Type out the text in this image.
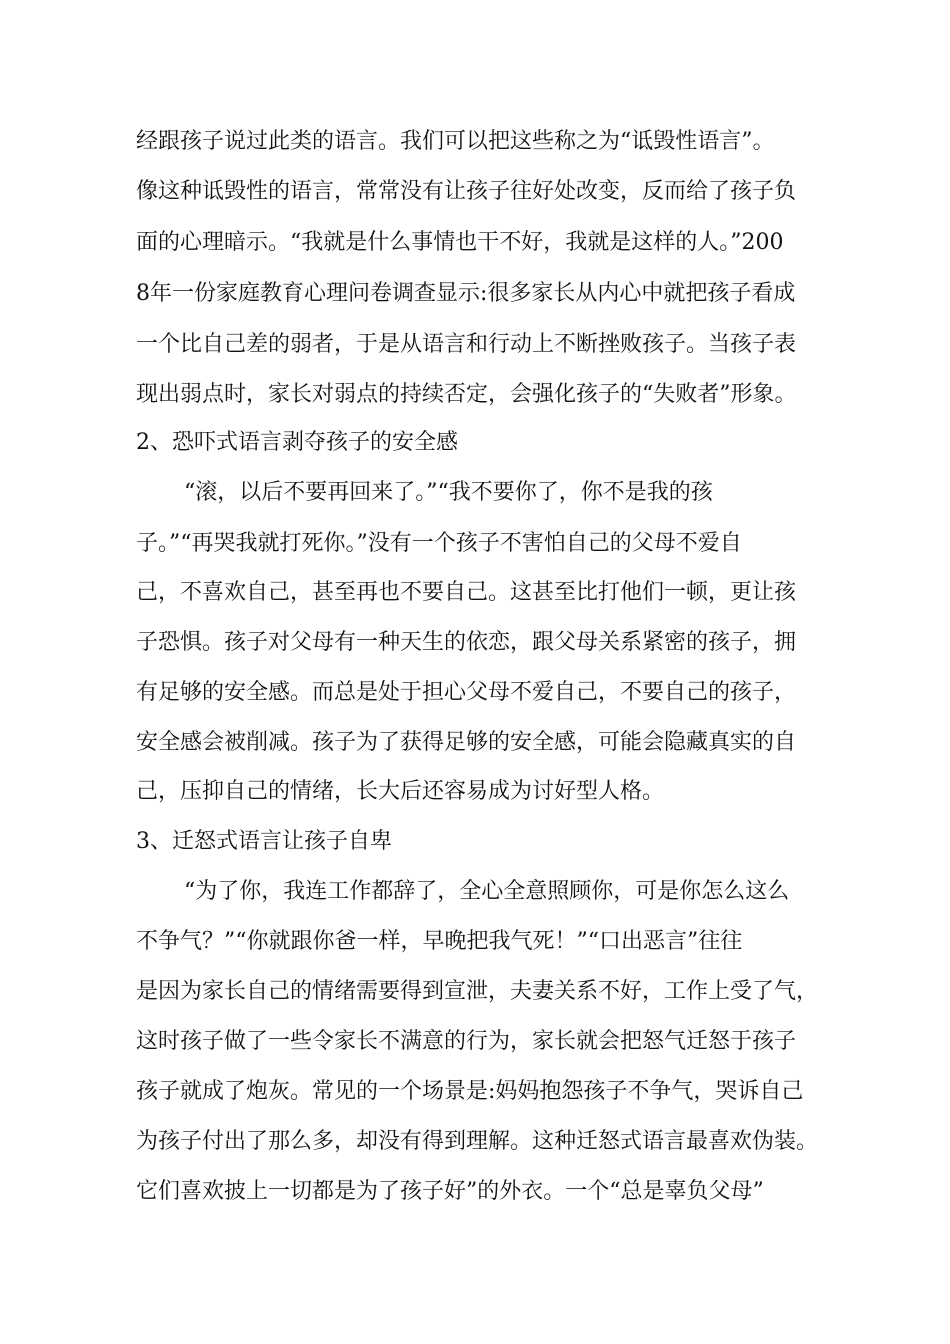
经跟孩子说过此类的语言。我们可以把这些称之为“诋毁性语言”。
像这种诋毁性的语言，常常没有让孩子往好处改变，反而给了孩子负
面的心理暗示。“我就是什么事情也干不好，我就是这样的人。”200
8年一份家庭教育心理问卷调查显示:很多家长从内心中就把孩子看成
一个比自己差的弱者，于是从语言和行动上不断挫败孩子。当孩子表
现出弱点时，家长对弱点的持续否定，会强化孩子的“失败者”形象。
2、恐吓式语言剥夺孩子的安全感
“滚，以后不要再回来了。”“我不要你了，你不是我的孩
子。”“再哭我就打死你。”没有一个孩子不害怕自己的父母不爱自
己，不喜欢自己，甚至再也不要自己。这甚至比打他们一顿，更让孩
子恐惧。孩子对父母有一种天生的依恋，跟父母关系紧密的孩子，拥
有足够的安全感。而总是处于担心父母不爱自己，不要自己的孩子，
安全感会被削减。孩子为了获得足够的安全感，可能会隐藏真实的自
己，压抑自己的情绪，长大后还容易成为讨好型人格。
3、迁怒式语言让孩子自卑
“为了你，我连工作都辞了，全心全意照顾你，可是你怎么这么
不争气？”“你就跟你爸一样，早晚把我气死！”“口出恶言”往往
是因为家长自己的情绪需要得到宣泄，夫妻关系不好，工作上受了气，
这时孩子做了一些令家长不满意的行为，家长就会把怒气迁怒于孩子
孩子就成了炮灰。常见的一个场景是:妈妈抱怨孩子不争气，哭诉自己
为孩子付出了那么多，却没有得到理解。这种迁怒式语言最喜欢伪装。
它们喜欢披上一切都是为了孩子好”的外衣。一个“总是辜负父母”
